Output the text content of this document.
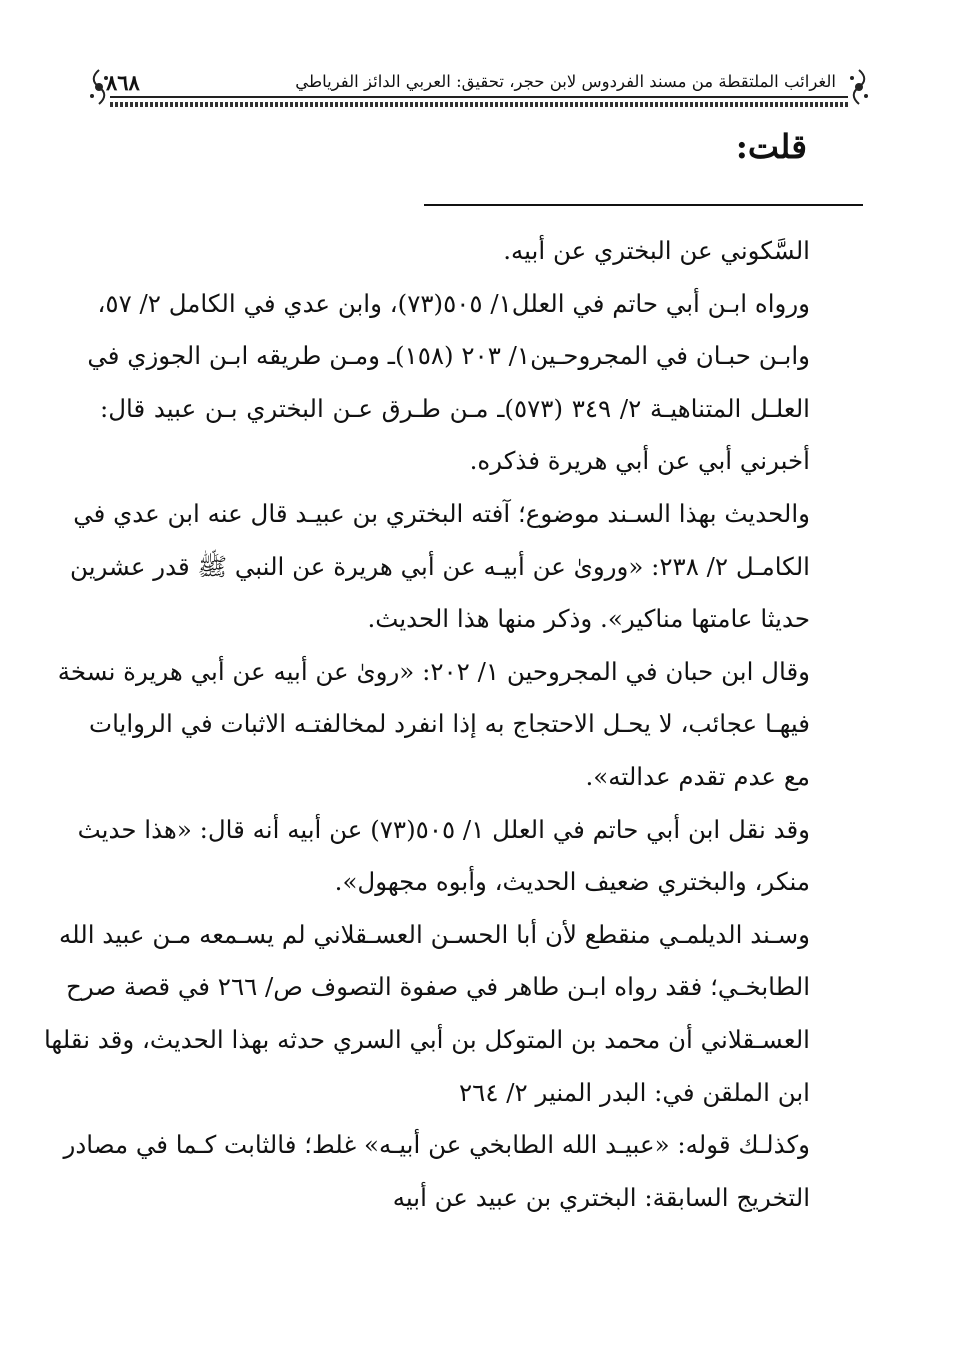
الغرائب الملتقطة من مسند الفردوس لابن حجر، تحقيق: العربي الدائز الفرياطي
٨٦٨
قلت:
السَّكوني عن البختري عن أبيه.
ورواه ابـن أبي حاتم في العلل١/ ٥٠٥(٧٣)، وابن عدي في الكامل ٢/ ٥٧،
وابـن حبـان في المجروحـين١/ ٢٠٣ (١٥٨)ـ ومـن طريقه ابـن الجوزي في
العلـل المتناهيـة ٢/ ٣٤٩ (٥٧٣)ـ مـن طـرق عـن البختري بـن عبيد قال:
أخبرني أبي عن أبي هريرة فذكره.
والحديث بهذا السـند موضوع؛ آفته البختري بن عبيـد قال عنه ابن عدي في
الكامـل ٢/ ٢٣٨: «وروىٰ عن أبيـه عن أبي هريرة عن النبي ﷺ قدر عشرين
حديثا عامتها مناكير». وذكر منها هذا الحديث.
وقال ابن حبان في المجروحين ١/ ٢٠٢: «روىٰ عن أبيه عن أبي هريرة نسخة
فيهـا عجائب، لا يحـل الاحتجاج به إذا انفرد لمخالفتـه الاثبات في الروايات
مع عدم تقدم عدالته».
وقد نقل ابن أبي حاتم في العلل ١/ ٥٠٥(٧٣) عن أبيه أنه قال: «هذا حديث
منكر، والبختري ضعيف الحديث، وأبوه مجهول».
وسـند الديلمـي منقطع لأن أبا الحسـن العسـقلاني لم يسـمعه مـن عبيد الله
الطابخـي؛ فقد رواه ابـن طاهر في صفوة التصوف ص/ ٢٦٦ في قصة صرح
العسـقلاني أن محمد بن المتوكل بن أبي السري حدثه بهذا الحديث، وقد نقلها
ابن الملقن في: البدر المنير ٢/ ٢٦٤
وكذلـك قوله: «عبيـد الله الطابخي عن أبيـه» غلط؛ فالثابت كـما في مصادر
التخريج السابقة: البختري بن عبيد عن أبيه
